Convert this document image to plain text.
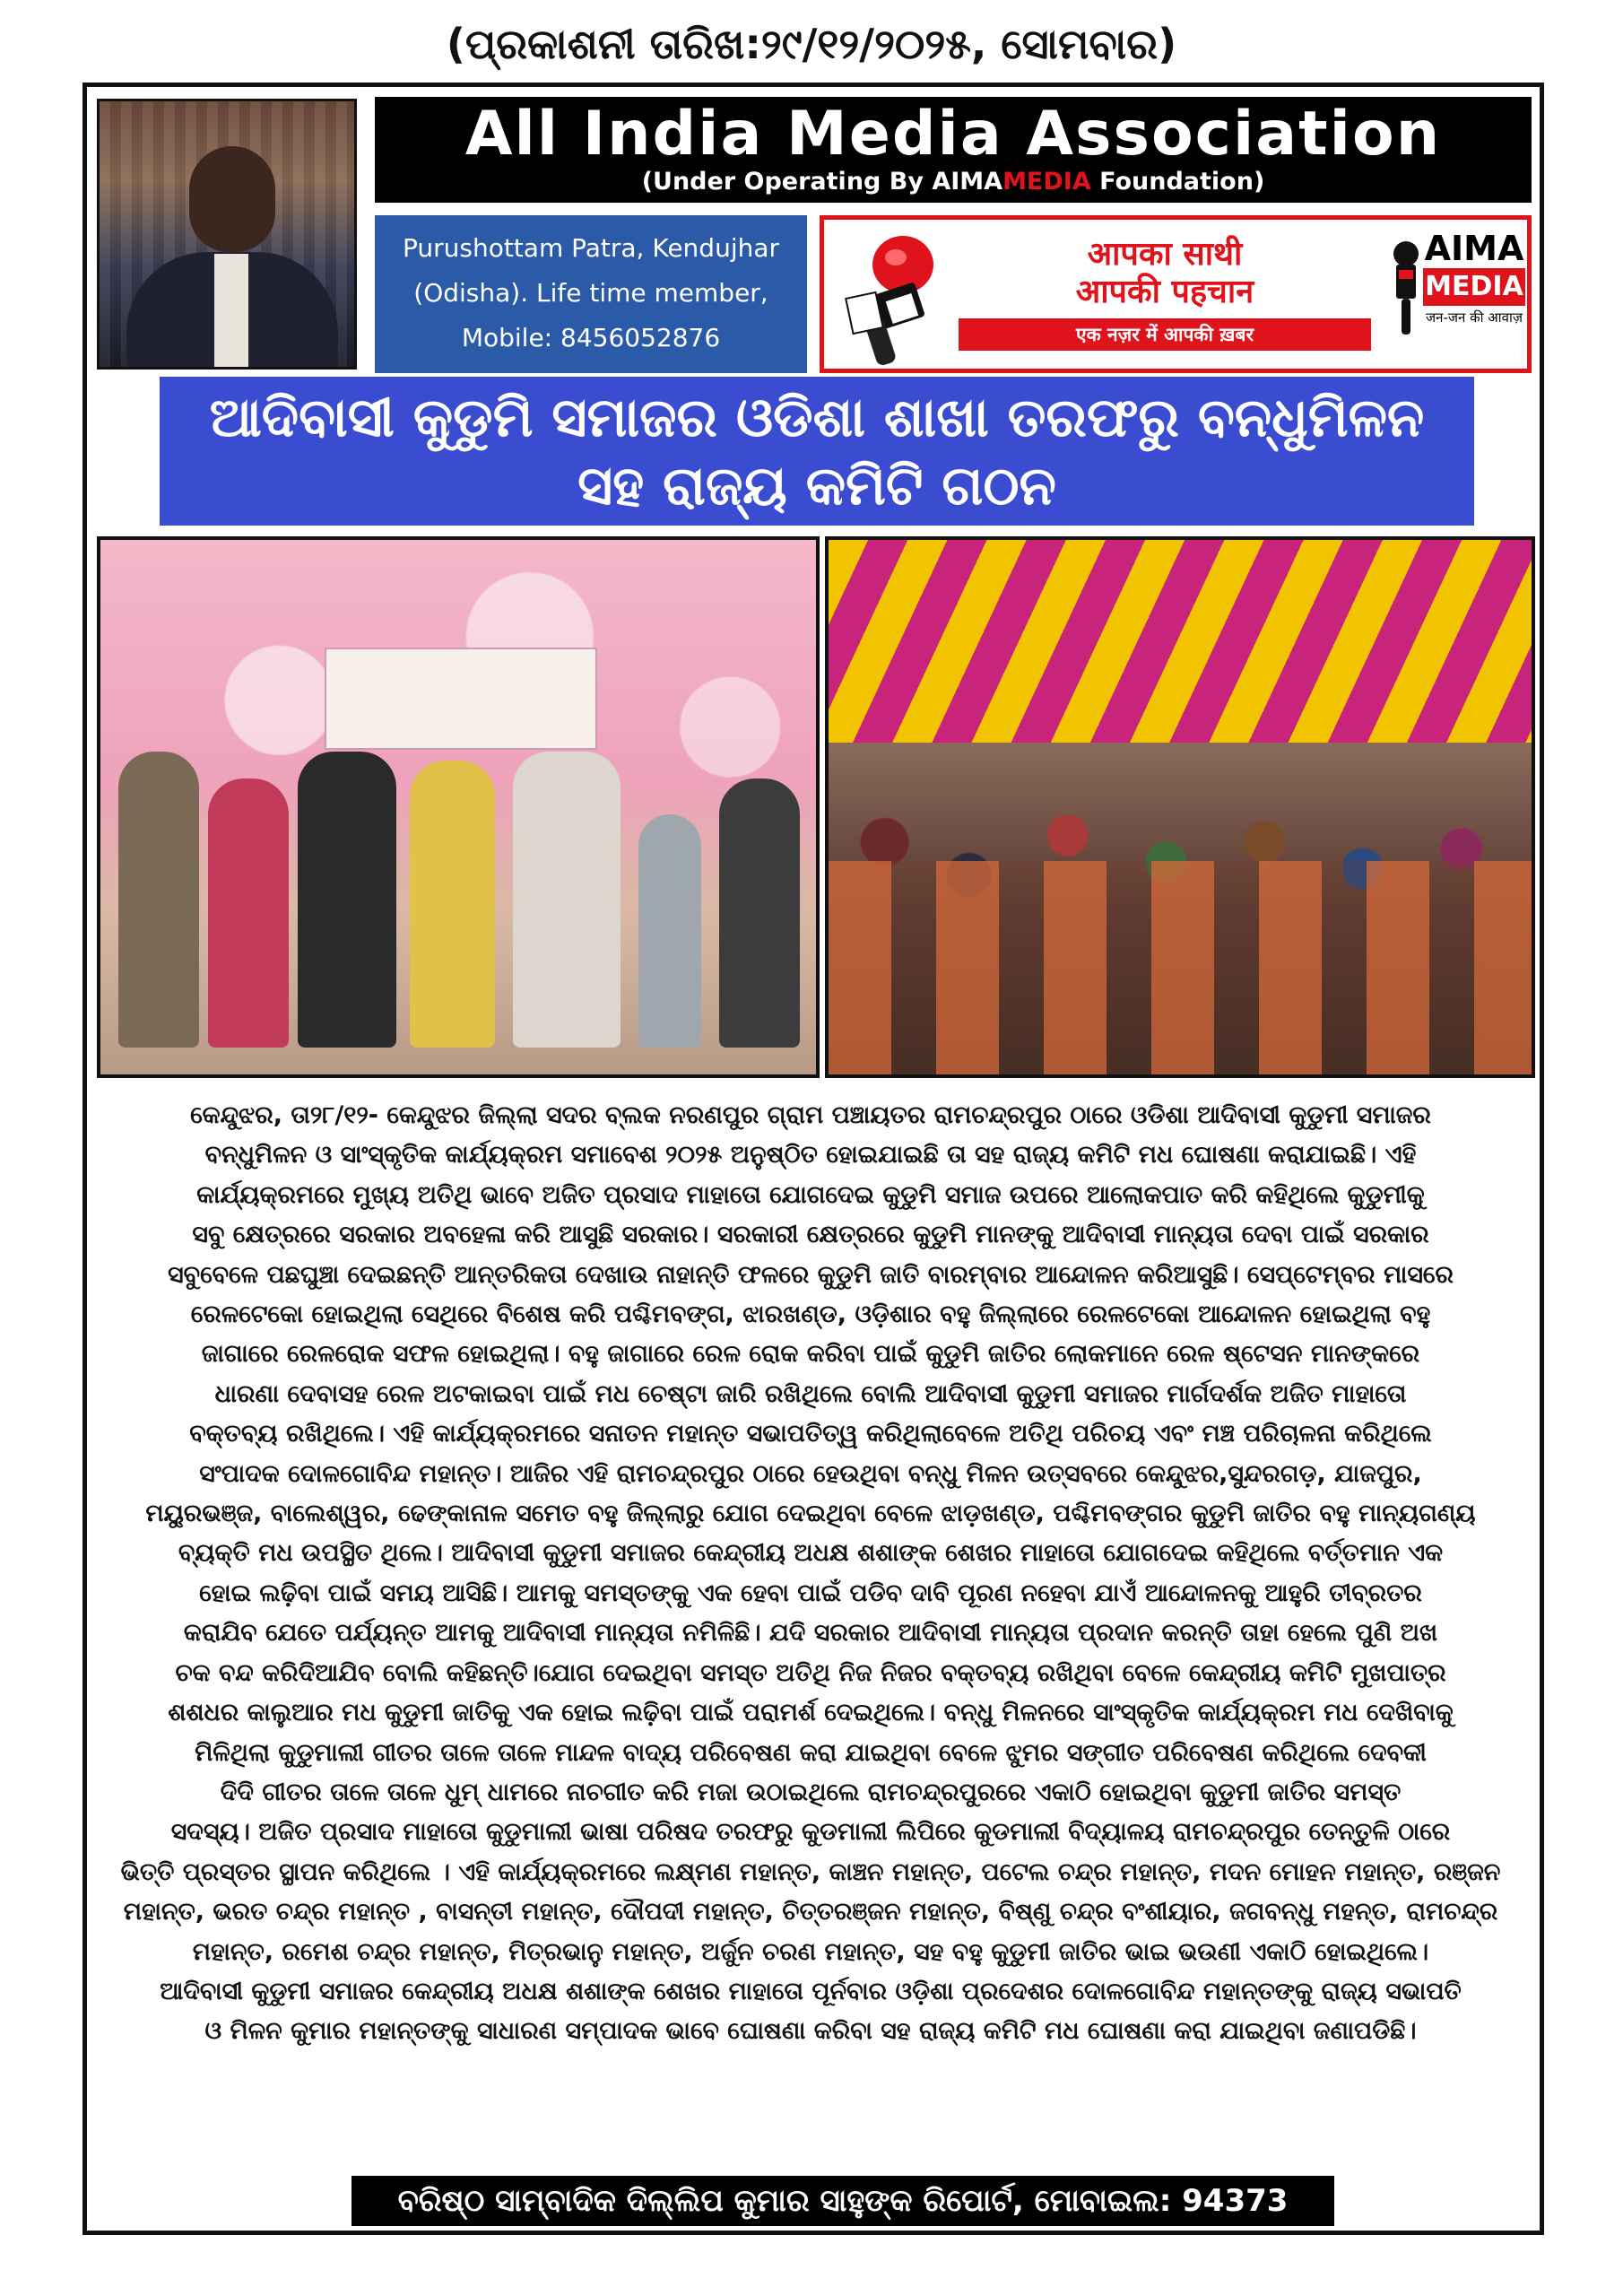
(ପ୍ରକାଶନୀ ତାରିଖ:୨୯/୧୨/୨୦୨୫, ସୋମବାର)
All India Media Association
(Under Operating By AIMAMEDIA Foundation)
Purushottam Patra, Kendujhar
(Odisha). Life time member,
Mobile: 8456052876
आपका साथी
आपकी पहचान
एक नज़र में आपकी ख़बर
AIMA
MEDIA
जन-जन की आवाज़
ଆଦିବାସୀ କୁଡୁମି ସମାଜର ଓଡିଶା ଶାଖା ତରଫରୁ ବନ୍ଧୁମିଳନ
ସହ ରାଜ୍ୟ କମିଟି ଗଠନ
କେନ୍ଦୁଝର, ତା୨୮/୧୨- କେନ୍ଦୁଝର ଜିଲ୍ଲା ସଦର ବ୍ଲକ ନରଣପୁର ଗ୍ରାମ ପଞ୍ଚାୟତର ରାମଚନ୍ଦ୍ରପୁର ଠାରେ ଓଡିଶା ଆଦିବାସୀ କୁଡୁମୀ ସମାଜର
ବନ୍ଧୁମିଳନ ଓ ସାଂସ୍କୃତିକ କାର୍ଯ୍ୟକ୍ରମ ସମାବେଶ ୨୦୨୫ ଅନୁଷ୍ଠିତ ହୋଇଯାଇଛି ତା ସହ ରାଜ୍ୟ କମିଟି ମଧ ଘୋଷଣା କରାଯାଇଛି। ଏହି
କାର୍ଯ୍ୟକ୍ରମରେ ମୁଖ୍ୟ ଅତିଥି ଭାବେ ଅଜିତ ପ୍ରସାଦ ମାହାତୋ ଯୋଗଦେଇ କୁଡୁମି ସମାଜ ଉପରେ ଆଲୋକପାତ କରି କହିଥିଲେ କୁଡୁମୀକୁ
ସବୁ କ୍ଷେତ୍ରରେ ସରକାର ଅବହେଳା କରି ଆସୁଛି ସରକାର। ସରକାରୀ କ୍ଷେତ୍ରରେ କୁଡୁମି ମାନଙ୍କୁ ଆଦିବାସୀ ମାନ୍ୟତା ଦେବା ପାଇଁ ସରକାର
ସବୁବେଳେ ପଛଘୁଞ୍ଚା ଦେଇଛନ୍ତି ଆନ୍ତରିକତା ଦେଖାଉ ନାହାନ୍ତି ଫଳରେ କୁଡୁମି ଜାତି ବାରମ୍ବାର ଆନ୍ଦୋଳନ କରିଆସୁଛି। ସେପ୍ଟେମ୍ବର ମାସରେ
ରେଳଟେକୋ ହୋଇଥିଲା ସେଥିରେ ବିଶେଷ କରି ପଶ୍ଚିମବଙ୍ଗ, ଝାରଖଣ୍ଡ, ଓଡ଼ିଶାର ବହୁ ଜିଲ୍ଲାରେ ରେଳଟେକୋ ଆନ୍ଦୋଳନ ହୋଇଥିଲା ବହୁ
ଜାଗାରେ ରେଳରୋକ ସଫଳ ହୋଇଥିଲା। ବହୁ ଜାଗାରେ ରେଳ ରୋକ କରିବା ପାଇଁ କୁଡୁମି ଜାତିର ଲୋକମାନେ ରେଳ ଷ୍ଟେସନ ମାନଙ୍କରେ
ଧାରଣା ଦେବାସହ ରେଳ ଅଟକାଇବା ପାଇଁ ମଧ ଚେଷ୍ଟା ଜାରି ରଖିଥିଲେ ବୋଲି ଆଦିବାସୀ କୁଡୁମୀ ସମାଜର ମାର୍ଗଦର୍ଶକ ଅଜିତ ମାହାତୋ
ବକ୍ତବ୍ୟ ରଖିଥିଲେ। ଏହି କାର୍ଯ୍ୟକ୍ରମରେ ସନାତନ ମହାନ୍ତ ସଭାପତିତ୍ୱ କରିଥିଲାବେଳେ ଅତିଥି ପରିଚୟ ଏବଂ ମଞ୍ଚ ପରିଚାଳନା କରିଥିଲେ
ସଂପାଦକ ଦୋଳଗୋବିନ୍ଦ ମହାନ୍ତ। ଆଜିର ଏହି ରାମଚନ୍ଦ୍ରପୁର ଠାରେ ହେଉଥିବା ବନ୍ଧୁ ମିଳନ ଉତ୍ସବରେ କେନ୍ଦୁଝର,ସୁନ୍ଦରଗଡ଼, ଯାଜପୁର,
ମୟୁରଭଞ୍ଜ, ବାଲେଶ୍ୱର, ଢେଙ୍କାନାଳ ସମେତ ବହୁ ଜିଲ୍ଲାରୁ ଯୋଗ ଦେଇଥିବା ବେଳେ ଝାଡ଼ଖଣ୍ଡ, ପଶ୍ଚିମବଙ୍ଗର କୁଡୁମି ଜାତିର ବହୁ ମାନ୍ୟଗଣ୍ୟ
ବ୍ୟକ୍ତି ମଧ ଉପସ୍ଥିତ ଥିଲେ। ଆଦିବାସୀ କୁଡୁମୀ ସମାଜର କେନ୍ଦ୍ରୀୟ ଅଧକ୍ଷ ଶଶାଙ୍କ ଶେଖର ମାହାତୋ ଯୋଗଦେଇ କହିଥିଲେ ବର୍ତ୍ତମାନ ଏକ
ହୋଇ ଲଢ଼ିବା ପାଇଁ ସମୟ ଆସିଛି। ଆମକୁ ସମସ୍ତଙ୍କୁ ଏକ ହେବା ପାଇଁ ପଡିବ ଦାବି ପୂରଣ ନହେବା ଯାଏଁ ଆନ୍ଦୋଳନକୁ ଆହୁରି ତୀବ୍ରତର
କରାଯିବ ଯେତେ ପର୍ଯ୍ୟନ୍ତ ଆମକୁ ଆଦିବାସୀ ମାନ୍ୟତା ନମିଳିଛି। ଯଦି ସରକାର ଆଦିବାସୀ ମାନ୍ୟତା ପ୍ରଦାନ କରନ୍ତି ତାହା ହେଲେ ପୁଣି ଅଖ
ଚକ ବନ୍ଦ କରିଦିଆଯିବ ବୋଲି କହିଛନ୍ତି।ଯୋଗ ଦେଇଥିବା ସମସ୍ତ ଅତିଥି ନିଜ ନିଜର ବକ୍ତବ୍ୟ ରଖିଥିବା ବେଳେ କେନ୍ଦ୍ରୀୟ କମିଟି ମୁଖପାତ୍ର
ଶଶଧର କାଲୁଆର ମଧ କୁଡୁମୀ ଜାତିକୁ ଏକ ହୋଇ ଲଢ଼ିବା ପାଇଁ ପରାମର୍ଶ ଦେଇଥିଲେ। ବନ୍ଧୁ ମିଳନରେ ସାଂସ୍କୃତିକ କାର୍ଯ୍ୟକ୍ରମ ମଧ ଦେଖିବାକୁ
ମିଳିଥିଲା କୁଡୁମାଲୀ ଗୀତର ତାଳେ ତାଳେ ମାନ୍ଦଳ ବାଦ୍ୟ ପରିବେଷଣ କରା ଯାଇଥିବା ବେଳେ ଝୁମର ସଙ୍ଗୀତ ପରିବେଷଣ କରିଥିଲେ ଦେବକୀ
ଦିଦି ଗୀତର ତାଳେ ତାଳେ ଧୁମ୍ ଧାମରେ ନାଚଗୀତ କରି ମଜା ଉଠାଇଥିଲେ ରାମଚନ୍ଦ୍ରପୁରରେ ଏକାଠି ହୋଇଥିବା କୁଡୁମୀ ଜାତିର ସମସ୍ତ
ସଦସ୍ୟ। ଅଜିତ ପ୍ରସାଦ ମାହାତୋ କୁଡୁମାଲୀ ଭାଷା ପରିଷଦ ତରଫରୁ କୁଡମାଲୀ ଲିପିରେ କୁଡମାଲୀ ବିଦ୍ୟାଳୟ ରାମଚନ୍ଦ୍ରପୁର ତେନ୍ତୁଳି ଠାରେ
ଭିତ୍ତି ପ୍ରସ୍ତର ସ୍ଥାପନ କରିଥିଲେ । ଏହି କାର୍ଯ୍ୟକ୍ରମରେ ଲକ୍ଷ୍ମଣ ମହାନ୍ତ, କାଞ୍ଚନ ମହାନ୍ତ, ପଟେଲ ଚନ୍ଦ୍ର ମହାନ୍ତ, ମଦନ ମୋହନ ମହାନ୍ତ, ରଞ୍ଜନ
ମହାନ୍ତ, ଭରତ ଚନ୍ଦ୍ର ମହାନ୍ତ , ବାସନ୍ତୀ ମହାନ୍ତ, ଦୌପଦୀ ମହାନ୍ତ, ଚିତ୍ତରଞ୍ଜନ ମହାନ୍ତ, ବିଷ୍ଣୁ ଚନ୍ଦ୍ର ବଂଶୀୟାର, ଜଗବନ୍ଧୁ ମହନ୍ତ, ରାମଚନ୍ଦ୍ର
ମହାନ୍ତ, ରମେଶ ଚନ୍ଦ୍ର ମହାନ୍ତ, ମିତ୍ରଭାନୁ ମହାନ୍ତ, ଅର୍ଜୁନ ଚରଣ ମହାନ୍ତ, ସହ ବହୁ କୁଡୁମୀ ଜାତିର ଭାଇ ଭଉଣୀ ଏକାଠି ହୋଇଥିଲେ।
ଆଦିବାସୀ କୁଡୁମୀ ସମାଜର କେନ୍ଦ୍ରୀୟ ଅଧକ୍ଷ ଶଶାଙ୍କ ଶେଖର ମାହାତୋ ପୂର୍ନବାର ଓଡ଼ିଶା ପ୍ରଦେଶର ଦୋଳଗୋବିନ୍ଦ ମହାନ୍ତଙ୍କୁ ରାଜ୍ୟ ସଭାପତି
ଓ ମିଳନ କୁମାର ମହାନ୍ତଙ୍କୁ ସାଧାରଣ ସମ୍ପାଦକ ଭାବେ ଘୋଷଣା କରିବା ସହ ରାଜ୍ୟ କମିଟି ମଧ ଘୋଷଣା କରା ଯାଇଥିବା ଜଣାପଡିଛି।
ବରିଷ୍ଠ ସାମ୍ବାଦିକ ଦିଲ୍ଲିପ କୁମାର ସାହୁଙ୍କ ରିପୋର୍ଟ, ମୋବାଇଲ: 94373 78792
